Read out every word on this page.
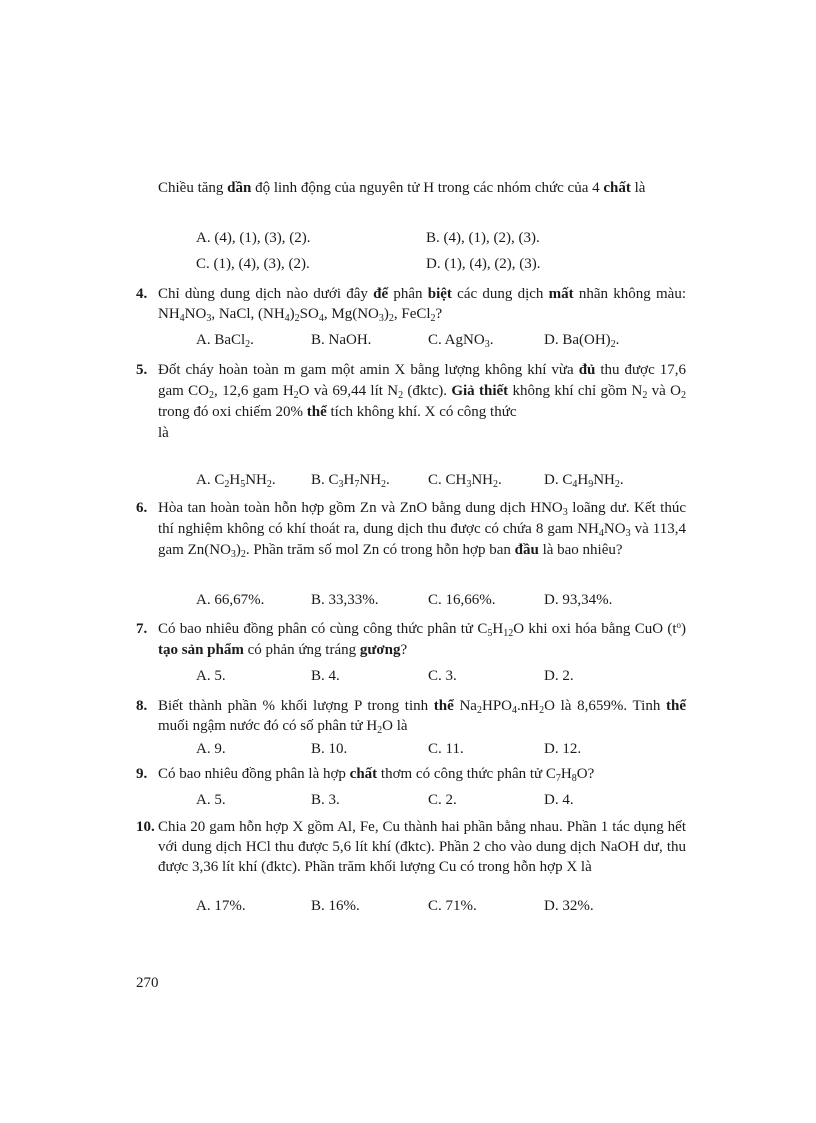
Chiều tăng dần độ linh động của nguyên tử H trong các nhóm chức của 4 chất là

A. (4), (1), (3), (2).	B. (4), (1), (2), (3).
C. (1), (4), (3), (2).	D. (1), (4), (2), (3).
4. Chỉ dùng dung dịch nào dưới đây để phân biệt các dung dịch mất nhãn không màu: $NH_4NO_3$, NaCl, $(NH_4)_2SO_4$, $Mg(NO_3)_2$, FeCl$_2$?
A. BaCl$_2$.	B. NaOH.	C. AgNO$_3$.	D. $Ba(OH)_2$.
5. Đốt cháy hoàn toàn m gam một amin X bằng lượng không khí vừa đủ thu được 17,6 gam $CO_2$, 12,6 gam $H_2O$ và 69,44 lít $N_2$ (đktc). Giả thiết không khí chỉ gồm $N_2$ và $O_2$ trong đó oxi chiếm 20% thể tích không khí. X có công thức
là
A. $C_2H_5NH_2$. B. $C_3H_7NH_2$.	C. $CH_3NH_2$.	D. $C_4H_9NH_2$.
6. Hòa tan hoàn toàn hỗn hợp gồm Zn và ZnO bằng dung dịch $HNO_3$ loãng dư. Kết thúc thí nghiệm không có khí thoát ra, dung dịch thu được có chứa 8 gam $NH_4NO_3$ và 113,4 gam $Zn(NO_3)_2$. Phần trăm số mol Zn có trong hỗn hợp ban đầu là bao nhiêu?
A. 66,67%.	B. 33,33%.	C. 16,66%.	D. 93,34%.
7. Có bao nhiêu đồng phân có cùng công thức phân tử $C_5H_{12}O$ khi oxi hóa bằng CuO $(t^o)$ tạo sản phẩm có phản ứng tráng gương?
A. 5.	B. 4.	C. 3.	D. 2.
8. Biết thành phần % khối lượng P trong tinh thể $Na_2HPO_4.nH_2O$ là 8,659%. Tinh thể muối ngậm nước đó có số phân tử $H_2O$ là
A. 9.	B. 10.	C. 11.	D. 12.
9. Có bao nhiêu đồng phân là hợp chất thơm có công thức phân tử $C_7H_8O$?
A. 5.	B. 3.	C. 2.	D. 4.
10. Chia 20 gam hỗn hợp X gồm Al, Fe, Cu thành hai phần bằng nhau. Phần 1 tác dụng hết với dung dịch HCl thu được 5,6 lít khí (đktc). Phần 2 cho vào dung dịch NaOH dư, thu được 3,36 lít khí (đktc). Phần trăm khối lượng Cu có trong hỗn hợp X là
A. 17%.	B. 16%.	C. 71%.	D. 32%.
270
